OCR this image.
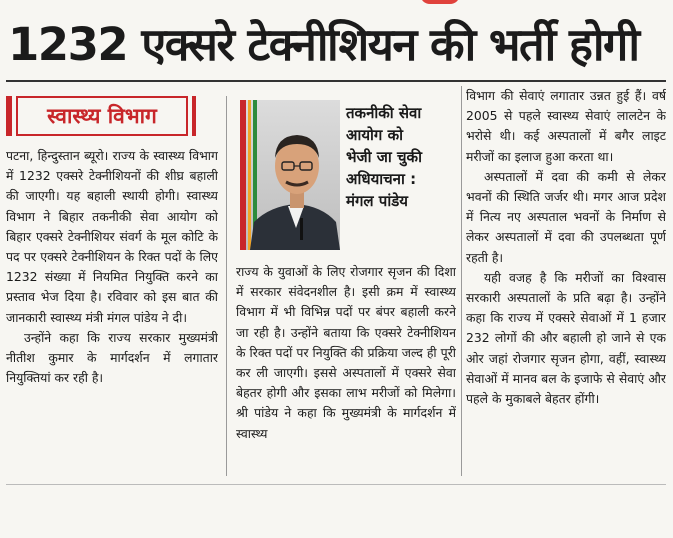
1232 एक्सरे टेक्नीशियन की भर्ती होगी
स्वास्थ्य विभाग

पटना, हिन्दुस्तान ब्यूरो। राज्य के स्वास्थ्य विभाग में 1232 एक्सरे टेक्नीशियनों की शीघ्र बहाली की जाएगी। यह बहाली स्थायी होगी। स्वास्थ्य विभाग ने बिहार तकनीकी सेवा आयोग को बिहार एक्सरे टेक्नीशियर संवर्ग के मूल कोटि के पद पर एक्सरे टेक्नीशियन के रिक्त पदों के लिए 1232 संख्या में नियमित नियुक्ति करने का प्रस्ताव भेज दिया है। रविवार को इस बात की जानकारी स्वास्थ्य मंत्री मंगल पांडेय ने दी।

उन्होंने कहा कि राज्य सरकार मुख्यमंत्री नीतीश कुमार के मार्गदर्शन में लगातार नियुक्तियां कर रही है।

तकनीकी सेवा
आयोग को
भेजी जा चुकी
अधियाचना :
मंगल पांडेय

राज्य के युवाओं के लिए रोजगार सृजन की दिशा में सरकार संवेदनशील है। इसी क्रम में स्वास्थ्य विभाग में भी विभिन्न पदों पर बंपर बहाली करने जा रही है। उन्होंने बताया कि एक्सरे टेक्नीशियन के रिक्त पदों पर नियुक्ति की प्रक्रिया जल्द ही पूरी कर ली जाएगी। इससे अस्पतालों में एक्सरे सेवा बेहतर होगी और इसका लाभ मरीजों को मिलेगा। श्री पांडेय ने कहा कि मुख्यमंत्री के मार्गदर्शन में स्वास्थ्य

विभाग की सेवाएं लगातार उन्नत हुई हैं। वर्ष 2005 से पहले स्वास्थ्य सेवाएं लालटेन के भरोसे थी। कई अस्पतालों में बगैर लाइट मरीजों का इलाज हुआ करता था।

अस्पतालों में दवा की कमी से लेकर भवनों की स्थिति जर्जर थी। मगर आज प्रदेश में नित्य नए अस्पताल भवनों के निर्माण से लेकर अस्पतालों में दवा की उपलब्धता पूर्ण रहती है।

यही वजह है कि मरीजों का विश्वास सरकारी अस्पतालों के प्रति बढ़ा है। उन्होंने कहा कि राज्य में एक्सरे सेवाओं में 1 हजार 232 लोगों की और बहाली हो जाने से एक ओर जहां रोजगार सृजन होगा, वहीं, स्वास्थ्य सेवाओं में मानव बल के इजाफे से सेवाएं और पहले के मुकाबले बेहतर होंगी।
